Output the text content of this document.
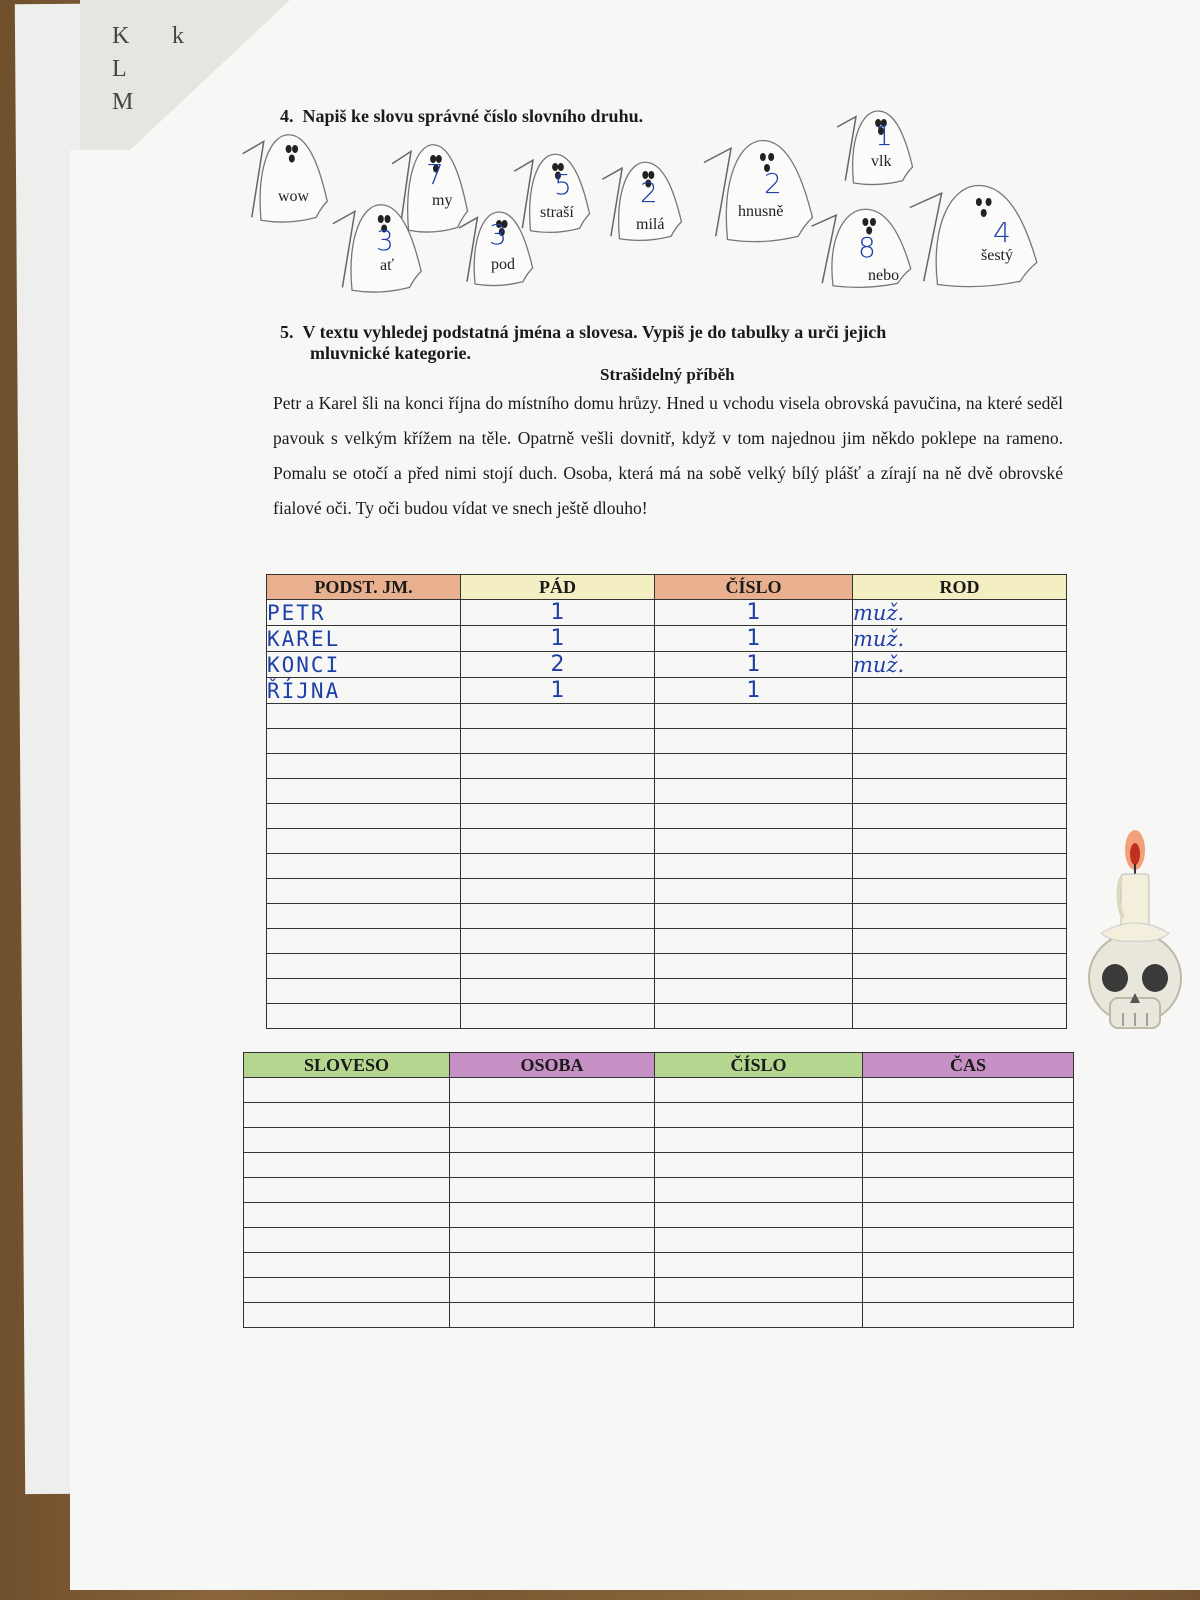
K k
L
M
4.  Napiš ke slovu správné číslo slovního druhu.
wow	my
7
straší
5
milá
2
hnusně
2
vlk
1
ať
3
pod
3
nebo
8	šestý
4
5.  V textu vyhledej podstatná jména a slovesa. Vypiš je do tabulky a urči jejich
mluvnické kategorie.
Strašidelný příběh

Petr a Karel šli na konci října do místního domu hrůzy. Hned u vchodu visela obrovská pavučina, na které seděl pavouk s velkým křížem na těle. Opatrně vešli dovnitř, když v tom najednou jim někdo poklepe na rameno. Pomalu se otočí a před nimi stojí duch. Osoba, která má na sobě velký bílý plášť a zírají na ně dvě obrovské fialové oči. Ty oči budou vídat ve snech ještě dlouho!

PODST. JM.	PÁD	ČÍSLO	ROD
PETR	1	1	muž.
KAREL	1	1	muž.
KONCI	2	1	muž.
ŘÍJNA	1	1	

SLOVESO	OSOBA	ČÍSLO	ČAS
